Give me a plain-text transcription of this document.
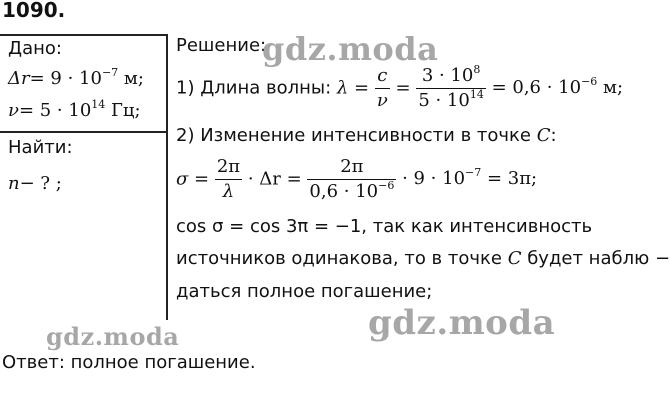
1090.
Дано:
$\Delta r= 9 \cdot 10^{-7}$ м;
$\nu= 5 \cdot 10^{14}$ Гц;
Найти:
n− ? ;
Решение:
1) Длина волны: $\lambda = \frac{c}{\nu} = \frac{3 \cdot 10^8}{5 \cdot 10^{14}} = 0,6 \cdot 10^{-6}$ м;
2) Изменение интенсивности в точке C:
$\sigma = \frac{2\pi}{\lambda} \cdot \Delta r = \frac{2\pi}{0,6 \cdot 10^{-6}} \cdot 9 \cdot 10^{-7} = 3\pi$;
cos σ = cos 3π = −1, так как интенсивность
источников одинакова, то в точке C будет наблю −
даться полное погашение;
Ответ: полное погашение.
gdz.moda
gdz.moda
gdz.moda
